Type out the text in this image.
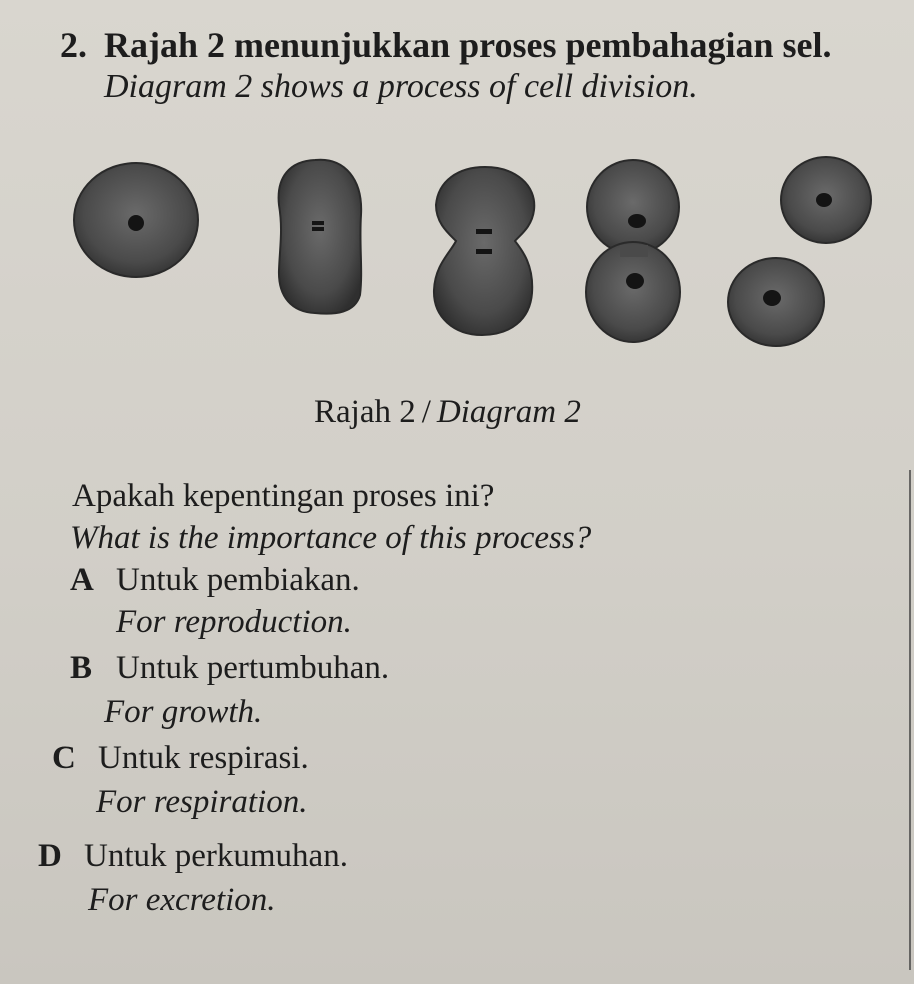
2. Rajah 2 menunjukkan proses pembahagian sel.
Diagram 2 shows a process of cell division.
Rajah 2 / Diagram 2
Apakah kepentingan proses ini?
What is the importance of this process?
A Untuk pembiakan.
For reproduction.
B Untuk pertumbuhan.
For growth.
C Untuk respirasi.
For respiration.
D Untuk perkumuhan.
For excretion.
